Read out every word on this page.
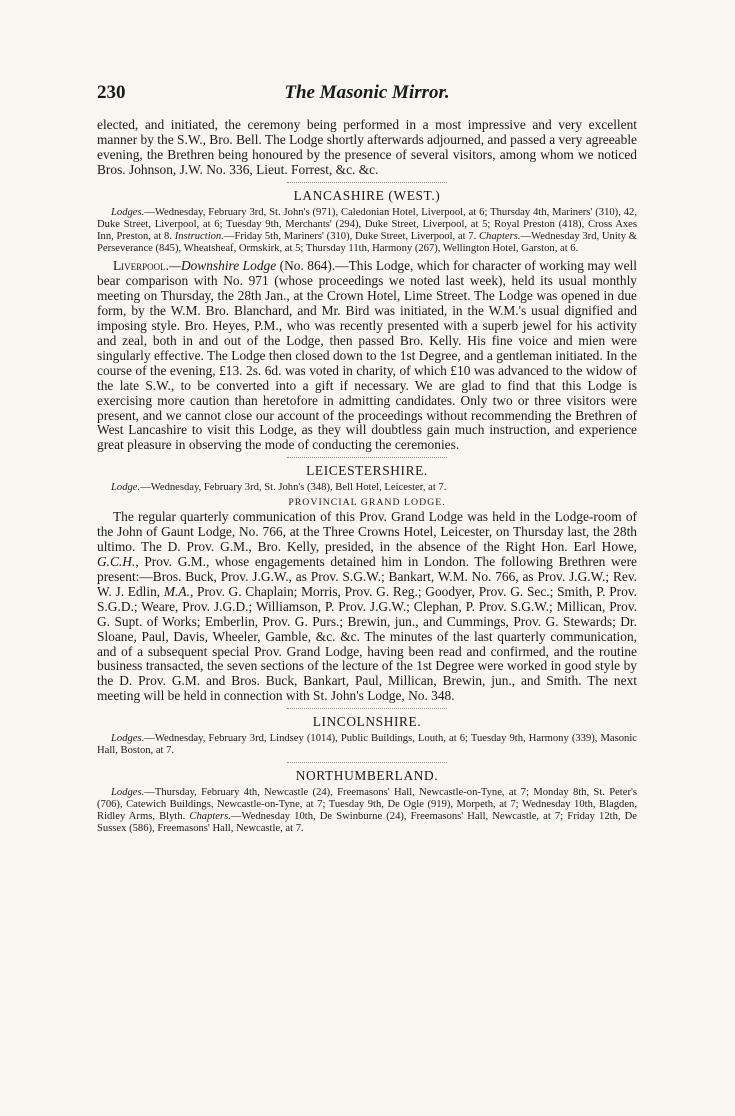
230	The Masonic Mirror.

elected, and initiated, the ceremony being performed in a most impressive and very excellent manner by the S.W., Bro. Bell. The Lodge shortly afterwards adjourned, and passed a very agreeable evening, the Brethren being honoured by the presence of several visitors, among whom we noticed Bros. Johnson, J.W. No. 336, Lieut. Forrest, &c. &c.

LANCASHIRE (WEST.)

Lodges.—Wednesday, February 3rd, St. John's (971), Caledonian Hotel, Liverpool, at 6; Thursday 4th, Mariners' (310), 42, Duke Street, Liverpool, at 6; Tuesday 9th, Merchants' (294), Duke Street, Liverpool, at 5; Royal Preston (418), Cross Axes Inn, Preston, at 8. Instruction.—Friday 5th, Mariners' (310), Duke Street, Liverpool, at 7. Chapters.—Wednesday 3rd, Unity & Perseverance (845), Wheatsheaf, Ormskirk, at 5; Thursday 11th, Harmony (267), Wellington Hotel, Garston, at 6.

Liverpool.—Downshire Lodge (No. 864).—This Lodge, which for character of working may well bear comparison with No. 971 (whose proceedings we noted last week), held its usual monthly meeting on Thursday, the 28th Jan., at the Crown Hotel, Lime Street. The Lodge was opened in due form, by the W.M. Bro. Blanchard, and Mr. Bird was initiated, in the W.M.'s usual dignified and imposing style. Bro. Heyes, P.M., who was recently presented with a superb jewel for his activity and zeal, both in and out of the Lodge, then passed Bro. Kelly. His fine voice and mien were singularly effective. The Lodge then closed down to the 1st Degree, and a gentleman initiated. In the course of the evening, £13. 2s. 6d. was voted in charity, of which £10 was advanced to the widow of the late S.W., to be converted into a gift if necessary. We are glad to find that this Lodge is exercising more caution than heretofore in admitting candidates. Only two or three visitors were present, and we cannot close our account of the proceedings without recommending the Brethren of West Lancashire to visit this Lodge, as they will doubtless gain much instruction, and experience great pleasure in observing the mode of conducting the ceremonies.

LEICESTERSHIRE.

Lodge.—Wednesday, February 3rd, St. John's (348), Bell Hotel, Leicester, at 7.

PROVINCIAL GRAND LODGE.

The regular quarterly communication of this Prov. Grand Lodge was held in the Lodge-room of the John of Gaunt Lodge, No. 766, at the Three Crowns Hotel, Leicester, on Thursday last, the 28th ultimo. The D. Prov. G.M., Bro. Kelly, presided, in the absence of the Right Hon. Earl Howe, G.C.H., Prov. G.M., whose engagements detained him in London. The following Brethren were present:—Bros. Buck, Prov. J.G.W., as Prov. S.G.W.; Bankart, W.M. No. 766, as Prov. J.G.W.; Rev. W. J. Edlin, M.A., Prov. G. Chaplain; Morris, Prov. G. Reg.; Goodyer, Prov. G. Sec.; Smith, P. Prov. S.G.D.; Weare, Prov. J.G.D.; Williamson, P. Prov. J.G.W.; Clephan, P. Prov. S.G.W.; Millican, Prov. G. Supt. of Works; Emberlin, Prov. G. Purs.; Brewin, jun., and Cummings, Prov. G. Stewards; Dr. Sloane, Paul, Davis, Wheeler, Gamble, &c. &c. The minutes of the last quarterly communication, and of a subsequent special Prov. Grand Lodge, having been read and confirmed, and the routine business transacted, the seven sections of the lecture of the 1st Degree were worked in good style by the D. Prov. G.M. and Bros. Buck, Bankart, Paul, Millican, Brewin, jun., and Smith. The next meeting will be held in connection with St. John's Lodge, No. 348.

LINCOLNSHIRE.

Lodges.—Wednesday, February 3rd, Lindsey (1014), Public Buildings, Louth, at 6; Tuesday 9th, Harmony (339), Masonic Hall, Boston, at 7.

NORTHUMBERLAND.

Lodges.—Thursday, February 4th, Newcastle (24), Freemasons' Hall, Newcastle-on-Tyne, at 7; Monday 8th, St. Peter's (706), Catewich Buildings, Newcastle-on-Tyne, at 7; Tuesday 9th, De Ogle (919), Morpeth, at 7; Wednesday 10th, Blagden, Ridley Arms, Blyth. Chapters.—Wednesday 10th, De Swinburne (24), Freemasons' Hall, Newcastle, at 7; Friday 12th, De Sussex (586), Freemasons' Hall, Newcastle, at 7.
